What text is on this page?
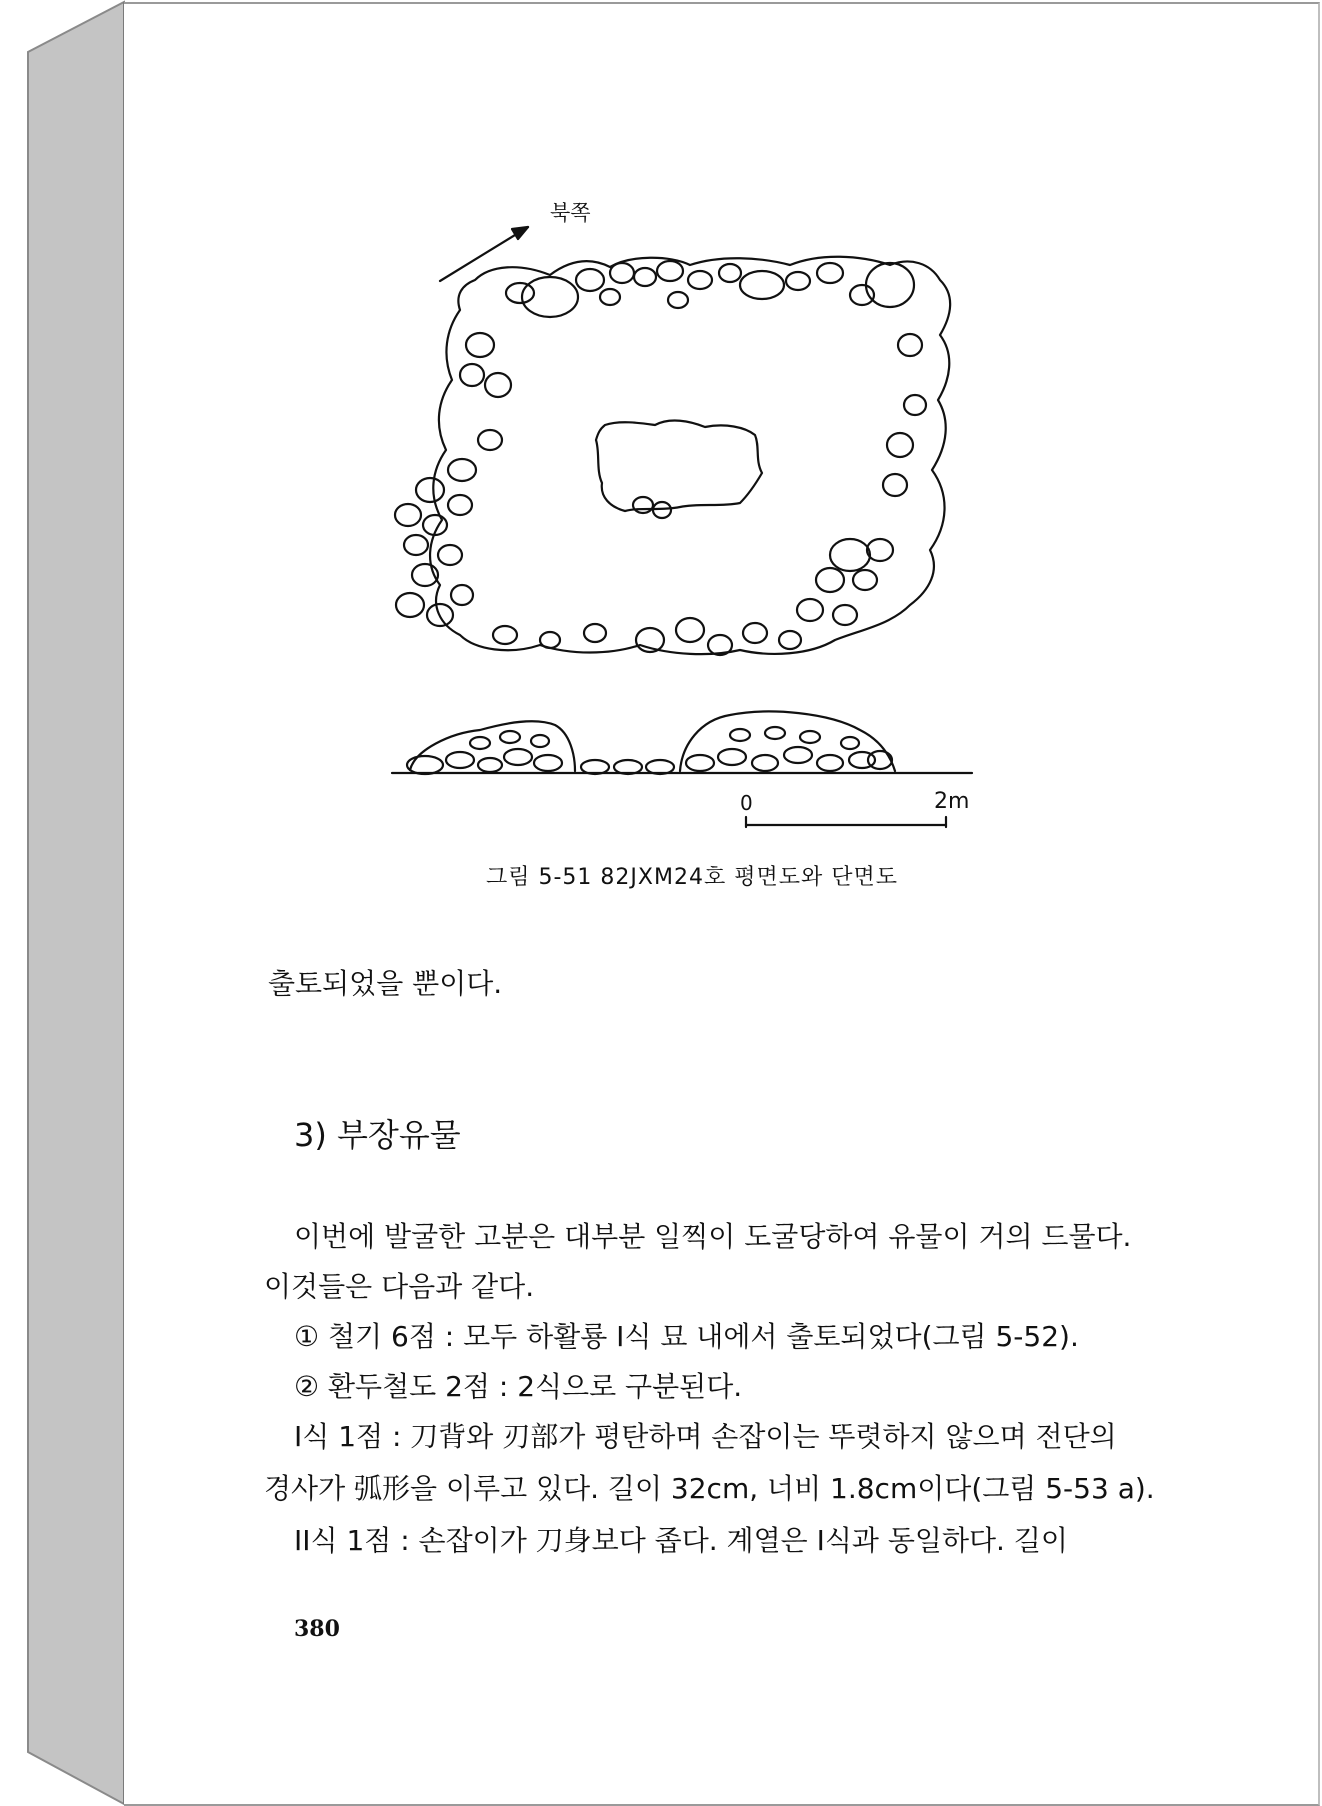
북쪽
0	2m
그림 5-51 82JXM24호 평면도와 단면도
출토되었을 뿐이다.
3) 부장유물
이번에 발굴한 고분은 대부분 일찍이 도굴당하여 유물이 거의 드물다.
이것들은 다음과 같다.
① 철기 6점 : 모두 하활룡 I식 묘 내에서 출토되었다(그림 5-52).
② 환두철도 2점 : 2식으로 구분된다.
I식 1점 : 刀背와 刃部가 평탄하며 손잡이는 뚜렷하지 않으며 전단의
경사가 弧形을 이루고 있다. 길이 32cm, 너비 1.8cm이다(그림 5-53 a).
II식 1점 : 손잡이가 刀身보다 좁다. 계열은 I식과 동일하다. 길이
380
